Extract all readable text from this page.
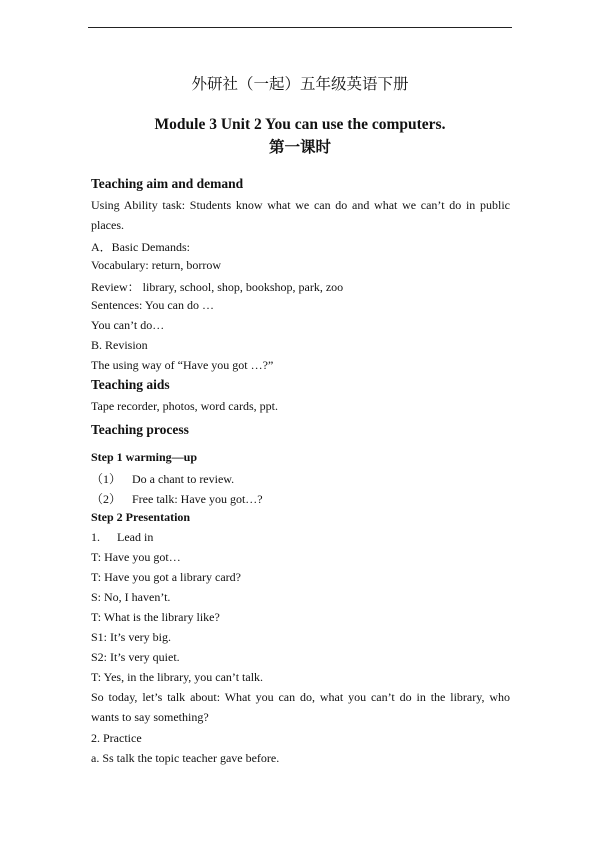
外研社（一起）五年级英语下册
Module 3 Unit 2 You can use the computers.
第一课时
Teaching aim and demand
Using Ability task: Students know what we can do and what we can’t do in public
places.
A．Basic Demands:
Vocabulary: return, borrow
Review： library, school, shop, bookshop, park, zoo
Sentences: You can do …
You can’t do…
B. Revision
The using way of “Have you got …?”
Teaching aids
Tape recorder, photos, word cards, ppt.
Teaching process
Step 1 warming—up
（1） Do a chant to review.
（2） Free talk: Have you got…?
Step 2 Presentation
1. Lead in
T: Have you got…
T: Have you got a library card?
S: No, I haven’t.
T: What is the library like?
S1: It’s very big.
S2: It’s very quiet.
T: Yes, in the library, you can’t talk.
So today, let’s talk about: What you can do, what you can’t do in the library, who
wants to say something?
2. Practice
a. Ss talk the topic teacher gave before.
